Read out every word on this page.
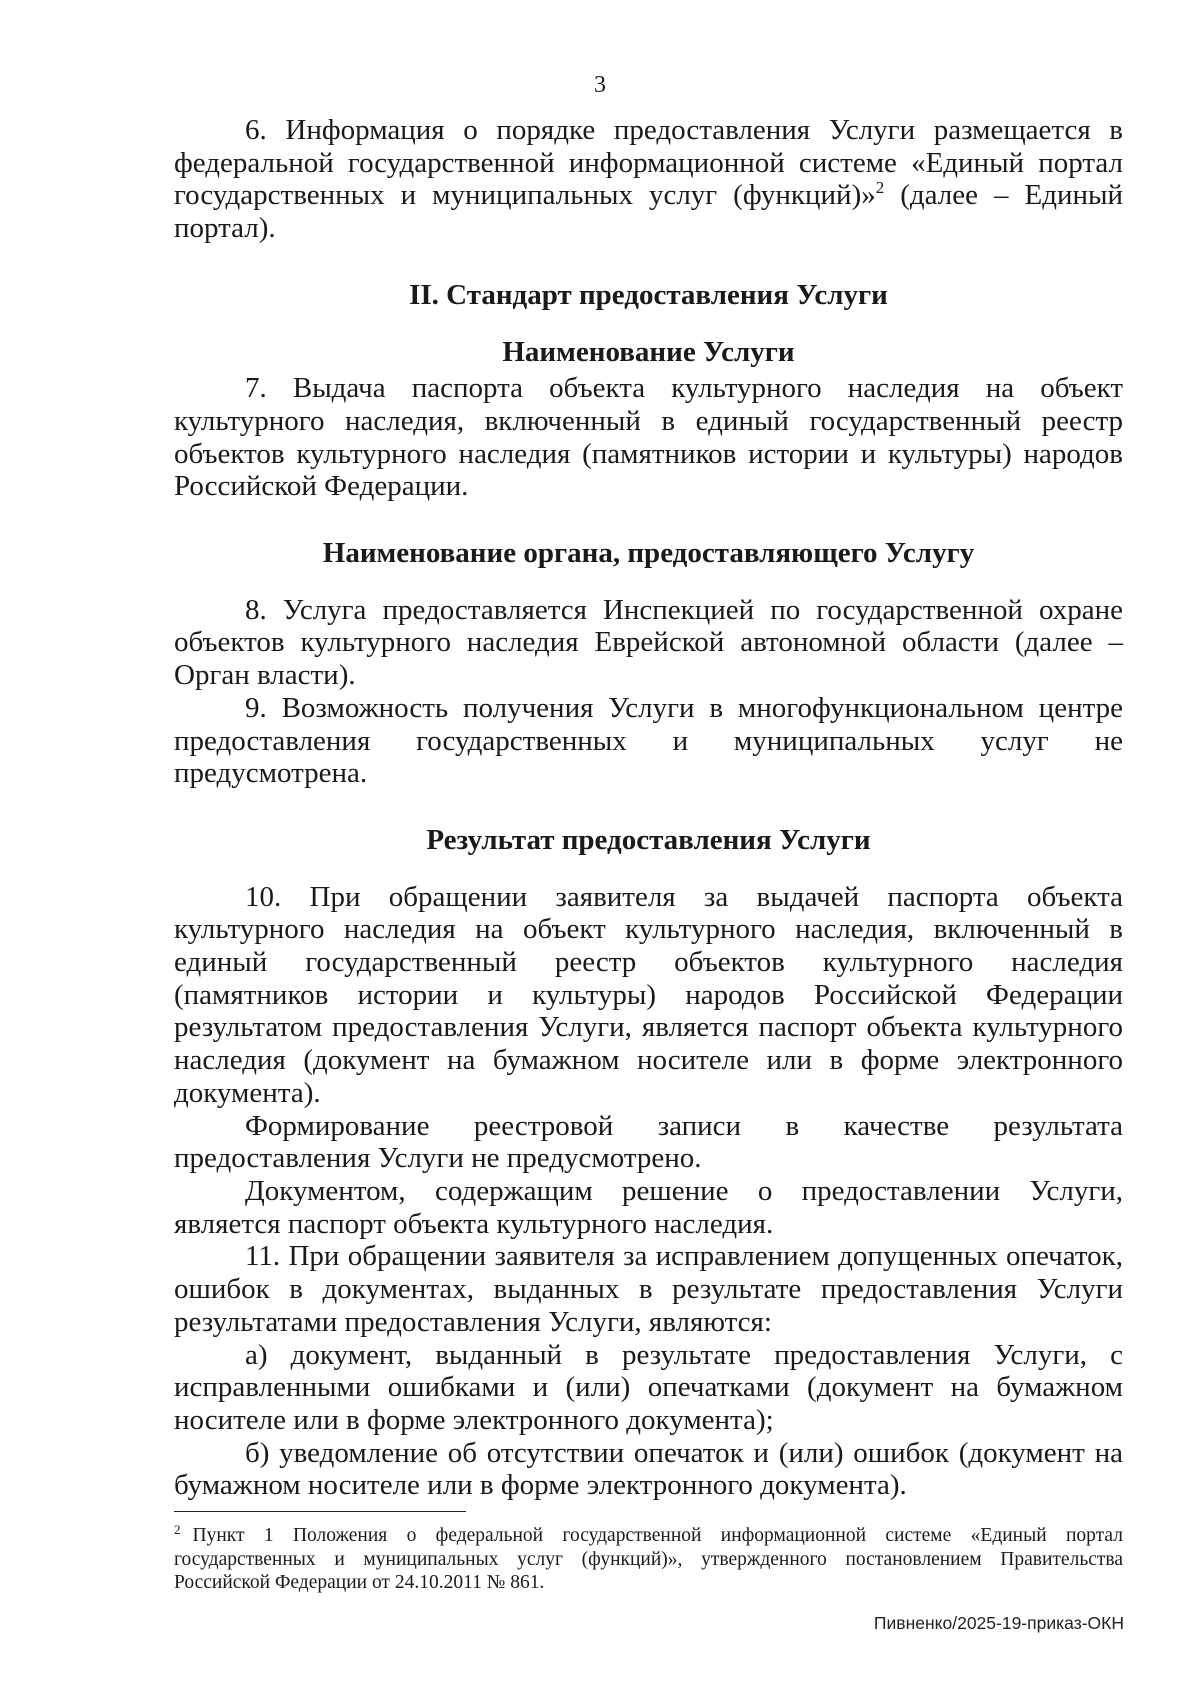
3

6. Информация о порядке предоставления Услуги размещается в федеральной государственной информационной системе «Единый портал государственных и муниципальных услуг (функций)»$^2$ (далее – Единый портал).

II. Стандарт предоставления Услуги
Наименование Услуги

7. Выдача паспорта объекта культурного наследия на объект культурного наследия, включенный в единый государственный реестр объектов культурного наследия (памятников истории и культуры) народов Российской Федерации.

Наименование органа, предоставляющего Услугу

8. Услуга предоставляется Инспекцией по государственной охране объектов культурного наследия Еврейской автономной области (далее – Орган власти).

9. Возможность получения Услуги в многофункциональном центре предоставления государственных и муниципальных услуг не предусмотрена.

Результат предоставления Услуги

10. При обращении заявителя за выдачей паспорта объекта культурного наследия на объект культурного наследия, включенный в единый государственный реестр объектов культурного наследия (памятников истории и культуры) народов Российской Федерации результатом предоставления Услуги, является паспорт объекта культурного наследия (документ на бумажном носителе или в форме электронного документа).

Формирование реестровой записи в качестве результата предоставления Услуги не предусмотрено.

Документом, содержащим решение о предоставлении Услуги, является паспорт объекта культурного наследия.

11. При обращении заявителя за исправлением допущенных опечаток, ошибок в документах, выданных в результате предоставления Услуги результатами предоставления Услуги, являются:

а) документ, выданный в результате предоставления Услуги, с исправленными ошибками и (или) опечатками (документ на бумажном носителе или в форме электронного документа);

б) уведомление об отсутствии опечаток и (или) ошибок (документ на бумажном носителе или в форме электронного документа).

$^2$ Пункт 1 Положения о федеральной государственной информационной системе «Единый портал государственных и муниципальных услуг (функций)», утвержденного постановлением Правительства Российской Федерации от 24.10.2011 № 861.
Пивненко/2025-19-приказ-ОКН
